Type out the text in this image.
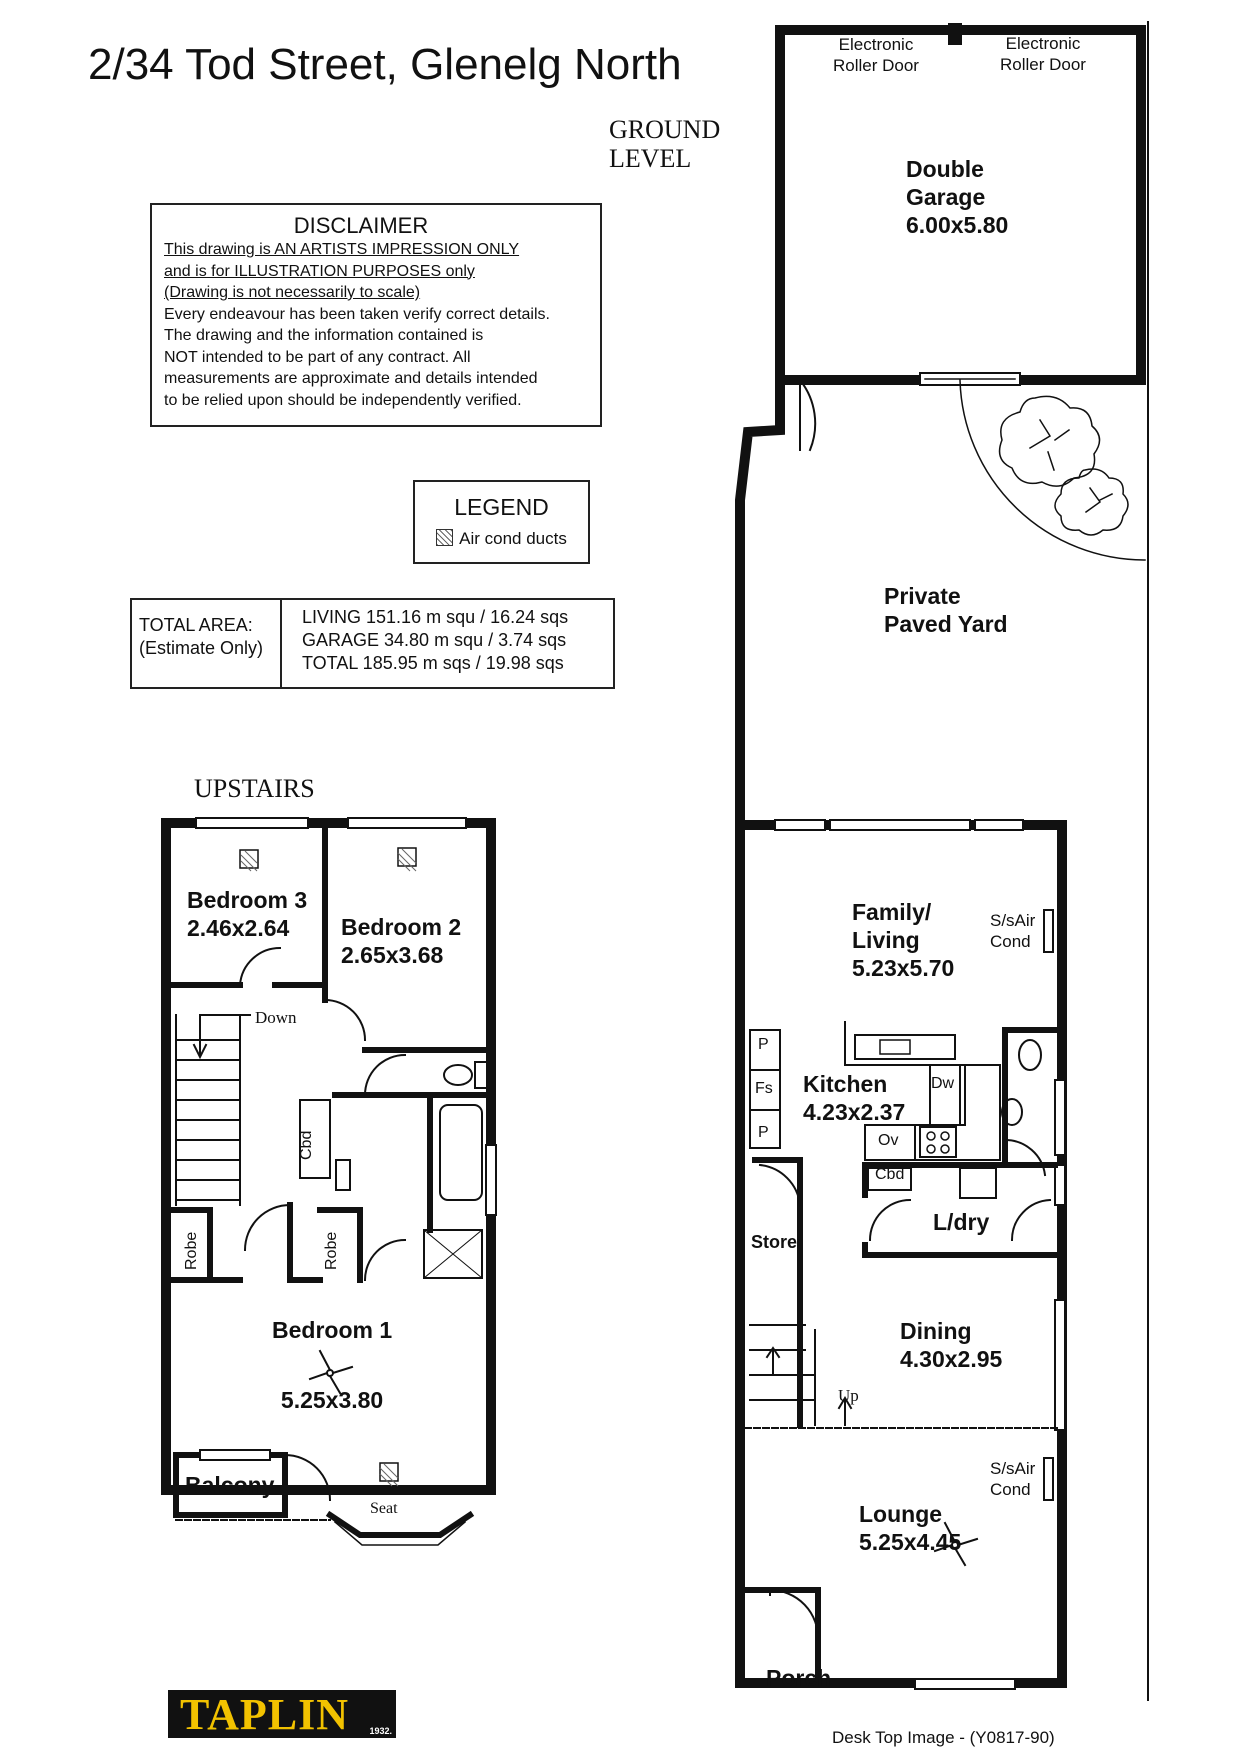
2/34 Tod Street, Glenelg North
GROUND
LEVEL
UPSTAIRS
DISCLAIMER
This drawing is AN ARTISTS IMPRESSION ONLY
and is for ILLUSTRATION PURPOSES only
(Drawing is not necessarily to scale)
Every endeavour has been taken verify correct details.
The drawing and the information contained is
NOT intended to be part of any contract. All
measurements are approximate and details intended
to be relied upon should be independently verified.
LEGEND
Air cond ducts
TOTAL AREA:
(Estimate Only)
LIVING 151.16 m squ / 16.24 sqs
GARAGE 34.80 m squ / 3.74 sqs
TOTAL 185.95 m sqs / 19.98 sqs
Electronic
Roller Door
Electronic
Roller Door
Double
Garage
6.00x5.80
Private
Paved Yard
Family/
Living
5.23x5.70
S/sAir
Cond
Kitchen
4.23x2.37
P
Fs
P
Dw
Ov
Cbd
L/dry
Store
Dining
4.30x2.95
Up
S/sAir
Cond
Lounge
5.25x4.45
Porch
Bedroom 3
2.46x2.64	Bedroom 2
2.65x3.68
Down
Cbd
Robe	Robe
Bedroom 1
5.25x3.80
Balcony
Seat
TAPLIN 1932.	Desk Top Image - (Y0817-90)
